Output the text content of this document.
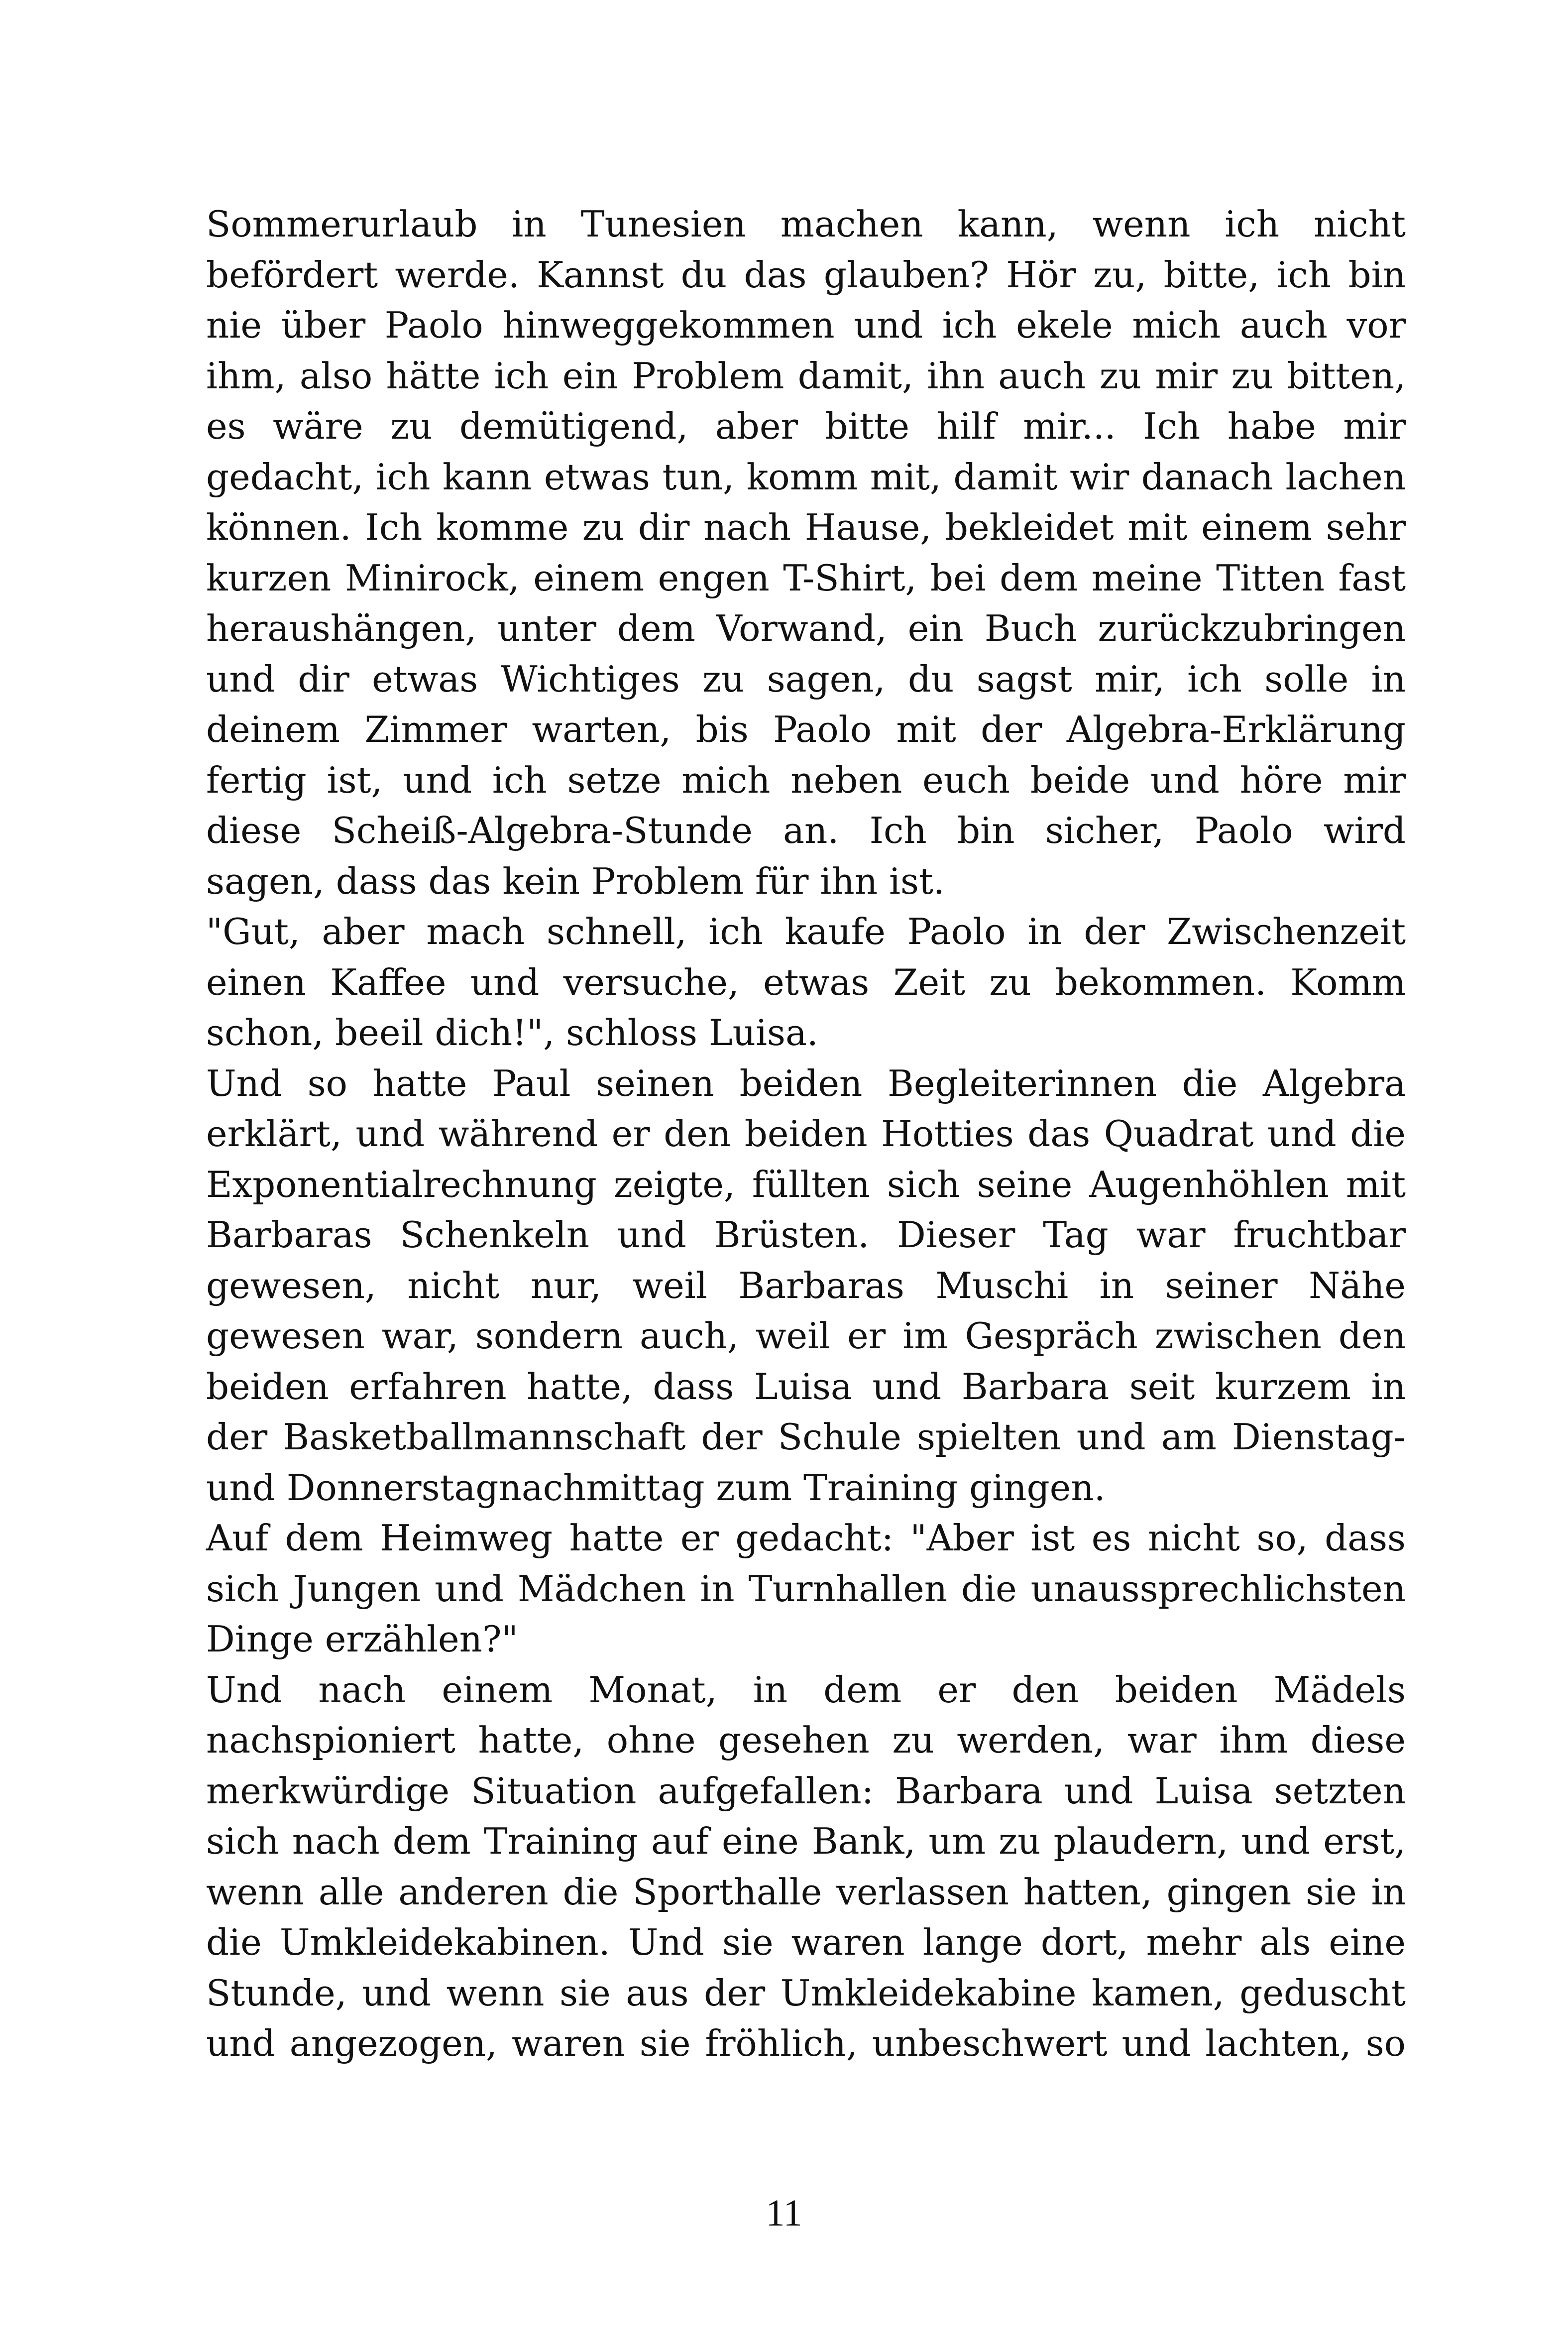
Sommerurlaub in Tunesien machen kann, wenn ich nicht
befördert werde. Kannst du das glauben? Hör zu, bitte, ich bin
nie über Paolo hinweggekommen und ich ekele mich auch vor
ihm, also hätte ich ein Problem damit, ihn auch zu mir zu bitten,
es wäre zu demütigend, aber bitte hilf mir... Ich habe mir
gedacht, ich kann etwas tun, komm mit, damit wir danach lachen
können. Ich komme zu dir nach Hause, bekleidet mit einem sehr
kurzen Minirock, einem engen T-Shirt, bei dem meine Titten fast
heraushängen, unter dem Vorwand, ein Buch zurückzubringen
und dir etwas Wichtiges zu sagen, du sagst mir, ich solle in
deinem Zimmer warten, bis Paolo mit der Algebra-Erklärung
fertig ist, und ich setze mich neben euch beide und höre mir
diese Scheiß-Algebra-Stunde an. Ich bin sicher, Paolo wird
sagen, dass das kein Problem für ihn ist.
"Gut, aber mach schnell, ich kaufe Paolo in der Zwischenzeit
einen Kaffee und versuche, etwas Zeit zu bekommen. Komm
schon, beeil dich!", schloss Luisa.
Und so hatte Paul seinen beiden Begleiterinnen die Algebra
erklärt, und während er den beiden Hotties das Quadrat und die
Exponentialrechnung zeigte, füllten sich seine Augenhöhlen mit
Barbaras Schenkeln und Brüsten. Dieser Tag war fruchtbar
gewesen, nicht nur, weil Barbaras Muschi in seiner Nähe
gewesen war, sondern auch, weil er im Gespräch zwischen den
beiden erfahren hatte, dass Luisa und Barbara seit kurzem in
der Basketballmannschaft der Schule spielten und am Dienstag-
und Donnerstagnachmittag zum Training gingen.
Auf dem Heimweg hatte er gedacht: "Aber ist es nicht so, dass
sich Jungen und Mädchen in Turnhallen die unaussprechlichsten
Dinge erzählen?"
Und nach einem Monat, in dem er den beiden Mädels
nachspioniert hatte, ohne gesehen zu werden, war ihm diese
merkwürdige Situation aufgefallen: Barbara und Luisa setzten
sich nach dem Training auf eine Bank, um zu plaudern, und erst,
wenn alle anderen die Sporthalle verlassen hatten, gingen sie in
die Umkleidekabinen. Und sie waren lange dort, mehr als eine
Stunde, und wenn sie aus der Umkleidekabine kamen, geduscht
und angezogen, waren sie fröhlich, unbeschwert und lachten, so
11
